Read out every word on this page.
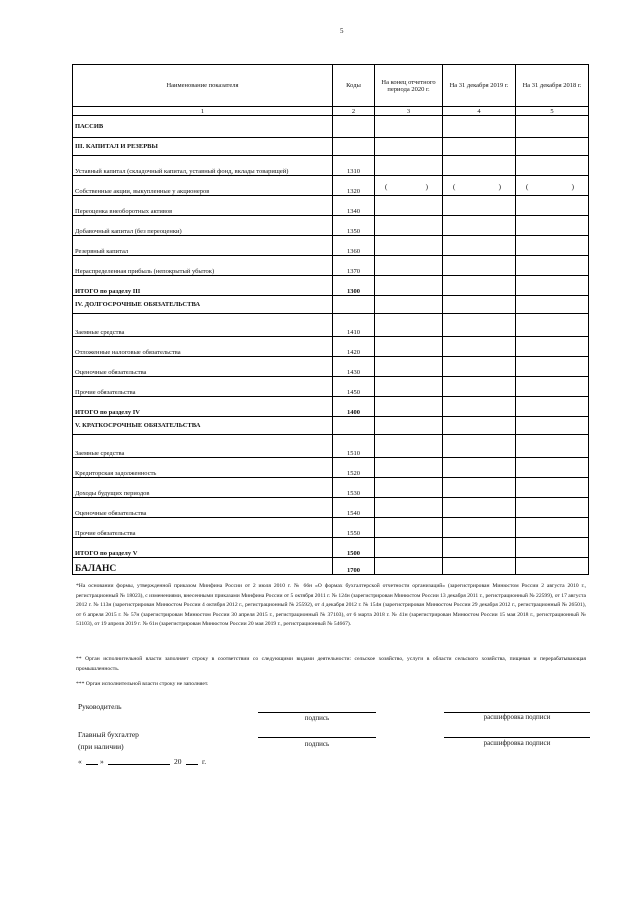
5
Наименование показателя	Коды	На конец отчетного периода 2020 г.	На 31 декабря 2019 г.	На 31 декабря 2018 г.
1	2	3	4	5
ПАССИВ				
III. КАПИТАЛ И РЕЗЕРВЫ				
Уставный капитал (складочный капитал, уставный фонд, вклады товарищей)	1310			
Собственные акции, выкупленные у акционеров	1320	( )	( )	( )

Переоценка внеоборотных активов	1340			
Добавочный капитал (без переоценки)	1350			
Резервный капитал	1360			
Нераспределенная прибыль (непокрытый убыток)	1370			
ИТОГО по разделу III	1300			
IV. ДОЛГОСРОЧНЫЕ ОБЯЗАТЕЛЬСТВА				
Заемные средства	1410			
Отложенные налоговые обязательства	1420			
Оценочные обязательства	1430			
Прочие обязательства	1450			
ИТОГО по разделу IV	1400			
V. КРАТКОСРОЧНЫЕ ОБЯЗАТЕЛЬСТВА				
Заемные средства	1510			
Кредиторская задолженность	1520			
Доходы будущих периодов	1530			
Оценочные обязательства	1540			
Прочие обязательства	1550			
ИТОГО по разделу V	1500			
БАЛАНС	1700			
*На основании формы, утвержденной приказом Минфина России от 2 июля 2010 г. № 66н «О формах бухгалтерской отчетности организаций» (зарегистрирован Минюстом России 2 августа 2010 г., регистрационный № 18023), с изменениями, внесенными приказами Минфина России от 5 октября 2011 г. № 124н (зарегистрирован Минюстом России 13 декабря 2011 г., регистрационный № 22599), от 17 августа 2012 г. № 113н (зарегистрирован Минюстом России 4 октября 2012 г., регистрационный № 25592), от 4 декабря 2012 г. № 154н (зарегистрирован Минюстом России 29 декабря 2012 г., регистрационный № 26501), от 6 апреля 2015 г. № 57н (зарегистрирован Минюстом России 30 апреля 2015 г., регистрационный № 37103), от 6 марта 2018 г. № 41н (зарегистрирован Минюстом России 15 мая 2018 г., регистрационный № 51103), от 19 апреля 2019 г. № 61н (зарегистрирован Минюстом России 20 мая 2019 г., регистрационный № 54667).
** Орган исполнительной власти заполняет строку в соответствии со следующими видами деятельности: сельское хозяйство, услуги в области сельского хозяйства, пищевая и перерабатывающая промышленность.
*** Орган исполнительной власти строку не заполняет.
Руководитель
подпись	расшифровка подписи
Главный бухгалтер
(при наличии)	подпись	расшифровка подписи
« »	20	г.
